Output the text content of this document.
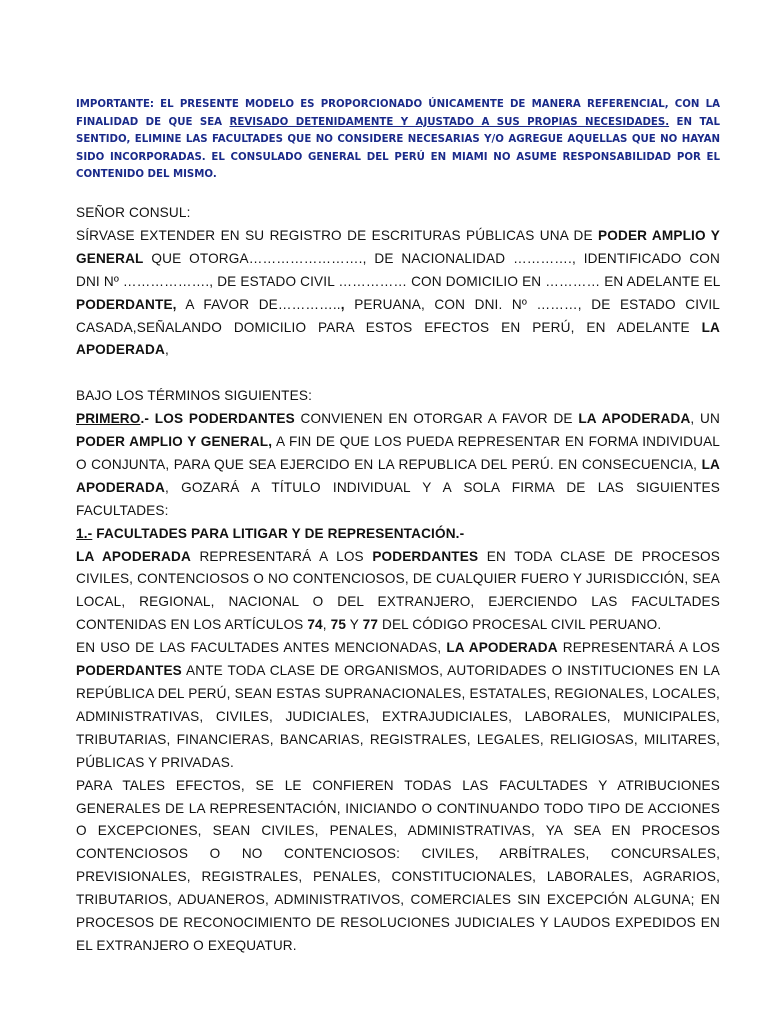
IMPORTANTE: EL PRESENTE MODELO ES PROPORCIONADO ÚNICAMENTE DE MANERA REFERENCIAL, CON LA FINALIDAD DE QUE SEA REVISADO DETENIDAMENTE Y AJUSTADO A SUS PROPIAS NECESIDADES. EN TAL SENTIDO, ELIMINE LAS FACULTADES QUE NO CONSIDERE NECESARIAS Y/O AGREGUE AQUELLAS QUE NO HAYAN SIDO INCORPORADAS. EL CONSULADO GENERAL DEL PERÚ EN MIAMI NO ASUME RESPONSABILIDAD POR EL CONTENIDO DEL MISMO.

SEÑOR CONSUL:

SÍRVASE EXTENDER EN SU REGISTRO DE ESCRITURAS PÚBLICAS UNA DE PODER AMPLIO Y GENERAL QUE OTORGA……………………., DE NACIONALIDAD …………., IDENTIFICADO CON DNI Nº ………………., DE ESTADO CIVIL …………… CON DOMICILIO EN ………… EN ADELANTE EL PODERDANTE, A FAVOR DE………….., PERUANA, CON DNI. Nº ………, DE ESTADO CIVIL CASADA,SEÑALANDO DOMICILIO PARA ESTOS EFECTOS EN PERÚ, EN ADELANTE LA APODERADA,

BAJO LOS TÉRMINOS SIGUIENTES:

PRIMERO.- LOS PODERDANTES CONVIENEN EN OTORGAR A FAVOR DE LA APODERADA, UN PODER AMPLIO Y GENERAL, A FIN DE QUE LOS PUEDA REPRESENTAR EN FORMA INDIVIDUAL O CONJUNTA, PARA QUE SEA EJERCIDO EN LA REPUBLICA DEL PERÚ. EN CONSECUENCIA, LA APODERADA, GOZARÁ A TÍTULO INDIVIDUAL Y A SOLA FIRMA DE LAS SIGUIENTES FACULTADES:

1.- FACULTADES PARA LITIGAR Y DE REPRESENTACIÓN.-

LA APODERADA REPRESENTARÁ A LOS PODERDANTES EN TODA CLASE DE PROCESOS CIVILES, CONTENCIOSOS O NO CONTENCIOSOS, DE CUALQUIER FUERO Y JURISDICCIÓN, SEA LOCAL, REGIONAL, NACIONAL O DEL EXTRANJERO, EJERCIENDO LAS FACULTADES CONTENIDAS EN LOS ARTÍCULOS 74, 75 Y 77 DEL CÓDIGO PROCESAL CIVIL PERUANO.

EN USO DE LAS FACULTADES ANTES MENCIONADAS, LA APODERADA REPRESENTARÁ A LOS PODERDANTES ANTE TODA CLASE DE ORGANISMOS, AUTORIDADES O INSTITUCIONES EN LA REPÚBLICA DEL PERÚ, SEAN ESTAS SUPRANACIONALES, ESTATALES, REGIONALES, LOCALES, ADMINISTRATIVAS, CIVILES, JUDICIALES, EXTRAJUDICIALES, LABORALES, MUNICIPALES, TRIBUTARIAS, FINANCIERAS, BANCARIAS, REGISTRALES, LEGALES, RELIGIOSAS, MILITARES, PÚBLICAS Y PRIVADAS.

PARA TALES EFECTOS, SE LE CONFIEREN TODAS LAS FACULTADES Y ATRIBUCIONES GENERALES DE LA REPRESENTACIÓN, INICIANDO O CONTINUANDO TODO TIPO DE ACCIONES O EXCEPCIONES, SEAN CIVILES, PENALES, ADMINISTRATIVAS, YA SEA EN PROCESOS CONTENCIOSOS O NO CONTENCIOSOS: CIVILES, ARBÍTRALES, CONCURSALES, PREVISIONALES, REGISTRALES, PENALES, CONSTITUCIONALES, LABORALES, AGRARIOS, TRIBUTARIOS, ADUANEROS, ADMINISTRATIVOS, COMERCIALES SIN EXCEPCIÓN ALGUNA; EN PROCESOS DE RECONOCIMIENTO DE RESOLUCIONES JUDICIALES Y LAUDOS EXPEDIDOS EN EL EXTRANJERO O EXEQUATUR.
